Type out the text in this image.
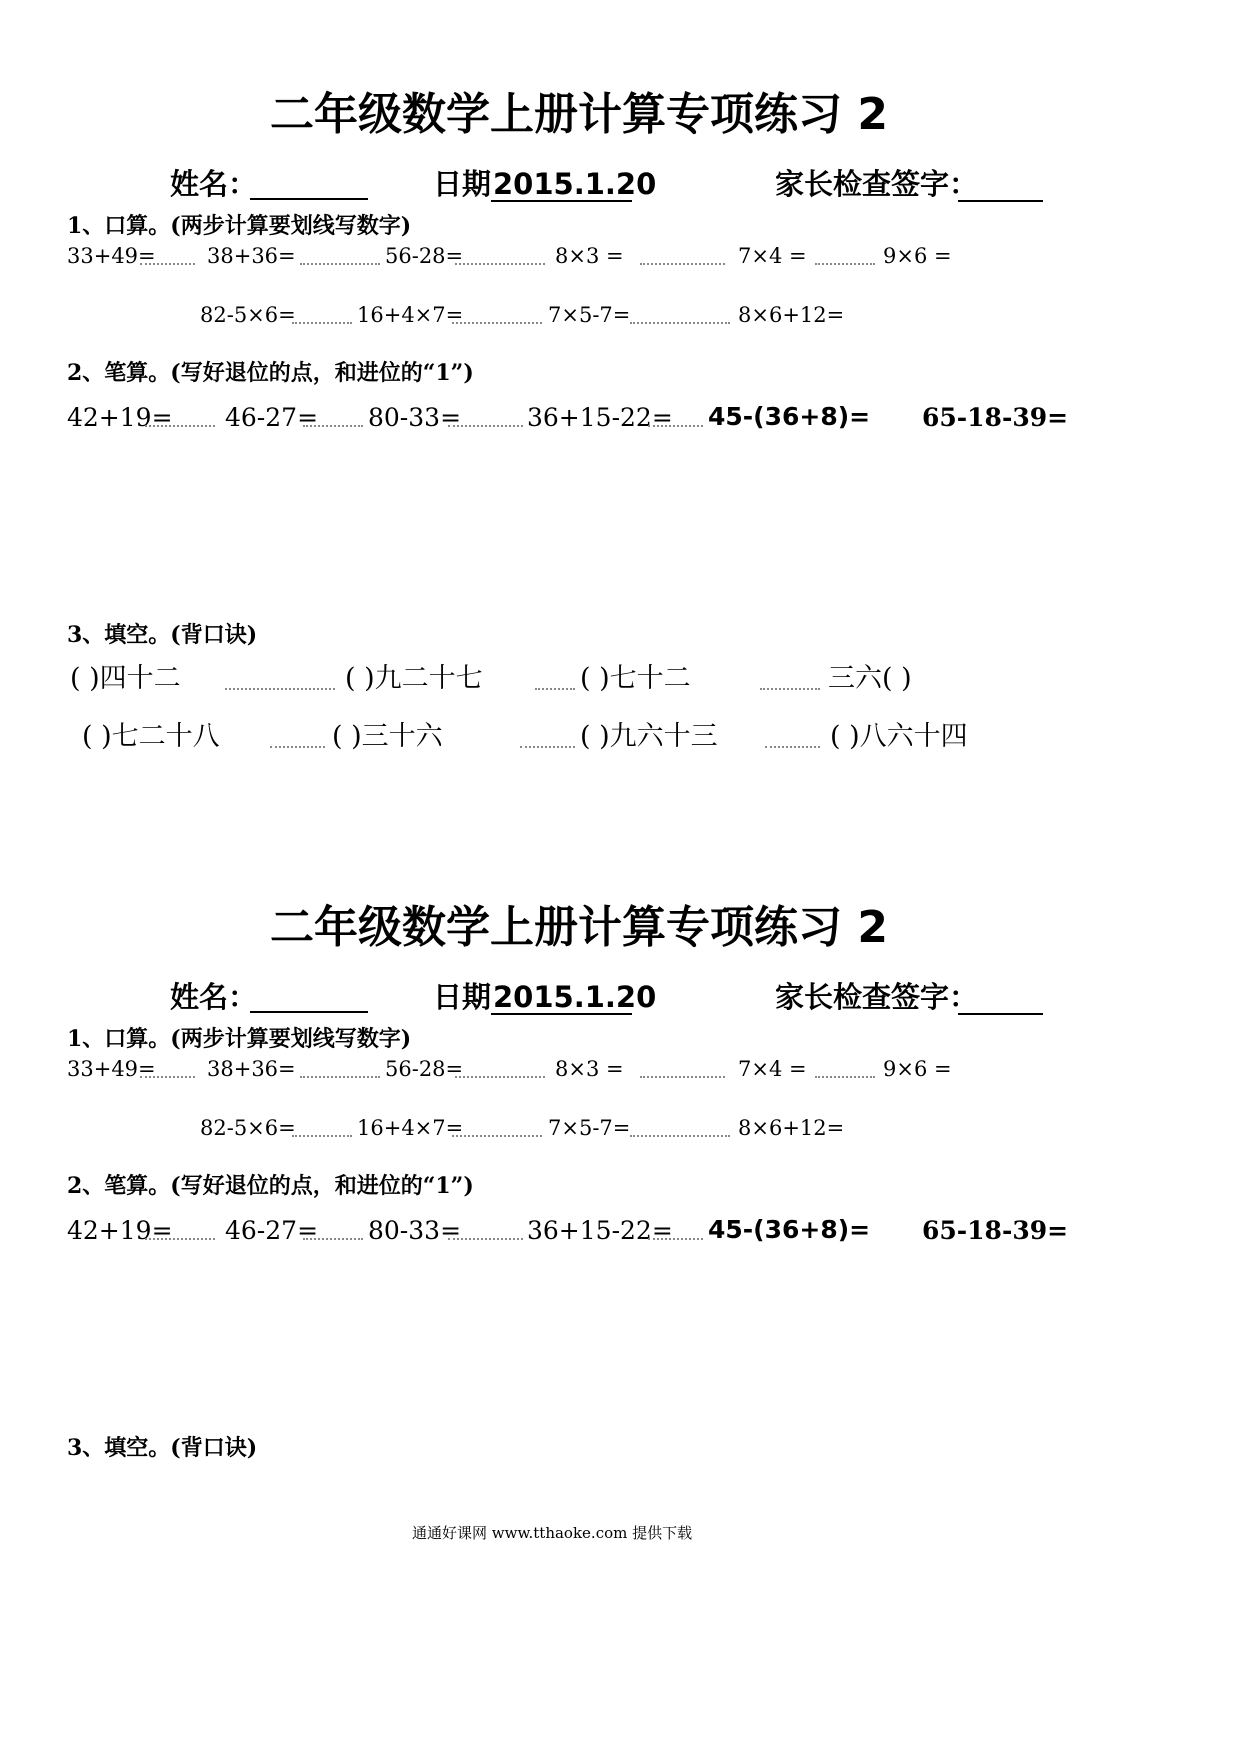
二年级数学上册计算专项练习 2
姓名：	日期 2015.1.20	家长检查签字：
1、口算。(两步计算要划线写数字)
33+49= 38+36=	56-28=	8×3 =	7×4 =	9×6 =
82-5×6=	16+4×7=	7×5-7=	8×6+12=
2、笔算。(写好退位的点，和进位的“1”)
42+19= 46-27= 80-33=	36+15-22= 45-(36+8)= 65-18-39=
3、填空。(背口诀)
( )四十二	( )九二十七	( )七十二	三六( )
( )七二十八	( )三十六	( )九六十三	( )八六十四
二年级数学上册计算专项练习 2
姓名：	日期 2015.1.20	家长检查签字：
1、口算。(两步计算要划线写数字)
33+49= 38+36=	56-28=	8×3 =	7×4 =	9×6 =
82-5×6=	16+4×7=	7×5-7=	8×6+12=
2、笔算。(写好退位的点，和进位的“1”)
42+19= 46-27= 80-33=	36+15-22= 45-(36+8)= 65-18-39=
3、填空。(背口诀)
通通好课网 www.tthaoke.com 提供下载
